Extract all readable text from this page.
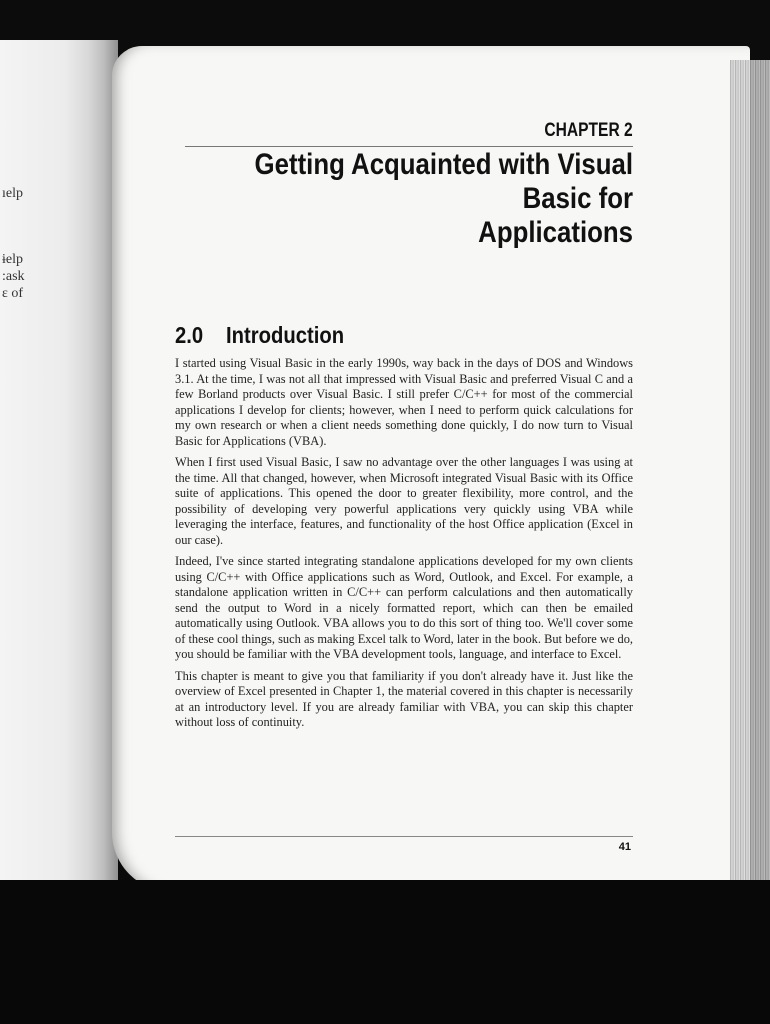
ıelp
ɨelp
:ask
ɛ of
CHAPTER 2
Getting Acquainted with Visual Basic for
Applications
2.0 Introduction

I started using Visual Basic in the early 1990s, way back in the days of DOS and Windows 3.1. At the time, I was not all that impressed with Visual Basic and preferred Visual C and a few Borland products over Visual Basic. I still prefer C/C++ for most of the commercial applications I develop for clients; however, when I need to perform quick calculations for my own research or when a client needs something done quickly, I do now turn to Visual Basic for Applications (VBA).

When I first used Visual Basic, I saw no advantage over the other languages I was using at the time. All that changed, however, when Microsoft integrated Visual Basic with its Office suite of applications. This opened the door to greater flexibility, more control, and the possibility of developing very powerful applications very quickly using VBA while leveraging the interface, features, and functionality of the host Office application (Excel in our case).

Indeed, I've since started integrating standalone applications developed for my own clients using C/C++ with Office applications such as Word, Outlook, and Excel. For example, a standalone application written in C/C++ can perform calculations and then automatically send the output to Word in a nicely formatted report, which can then be emailed automatically using Outlook. VBA allows you to do this sort of thing too. We'll cover some of these cool things, such as making Excel talk to Word, later in the book. But before we do, you should be familiar with the VBA development tools, language, and interface to Excel.

This chapter is meant to give you that familiarity if you don't already have it. Just like the overview of Excel presented in Chapter 1, the material covered in this chapter is necessarily at an introductory level. If you are already familiar with VBA, you can skip this chapter without loss of continuity.

41
